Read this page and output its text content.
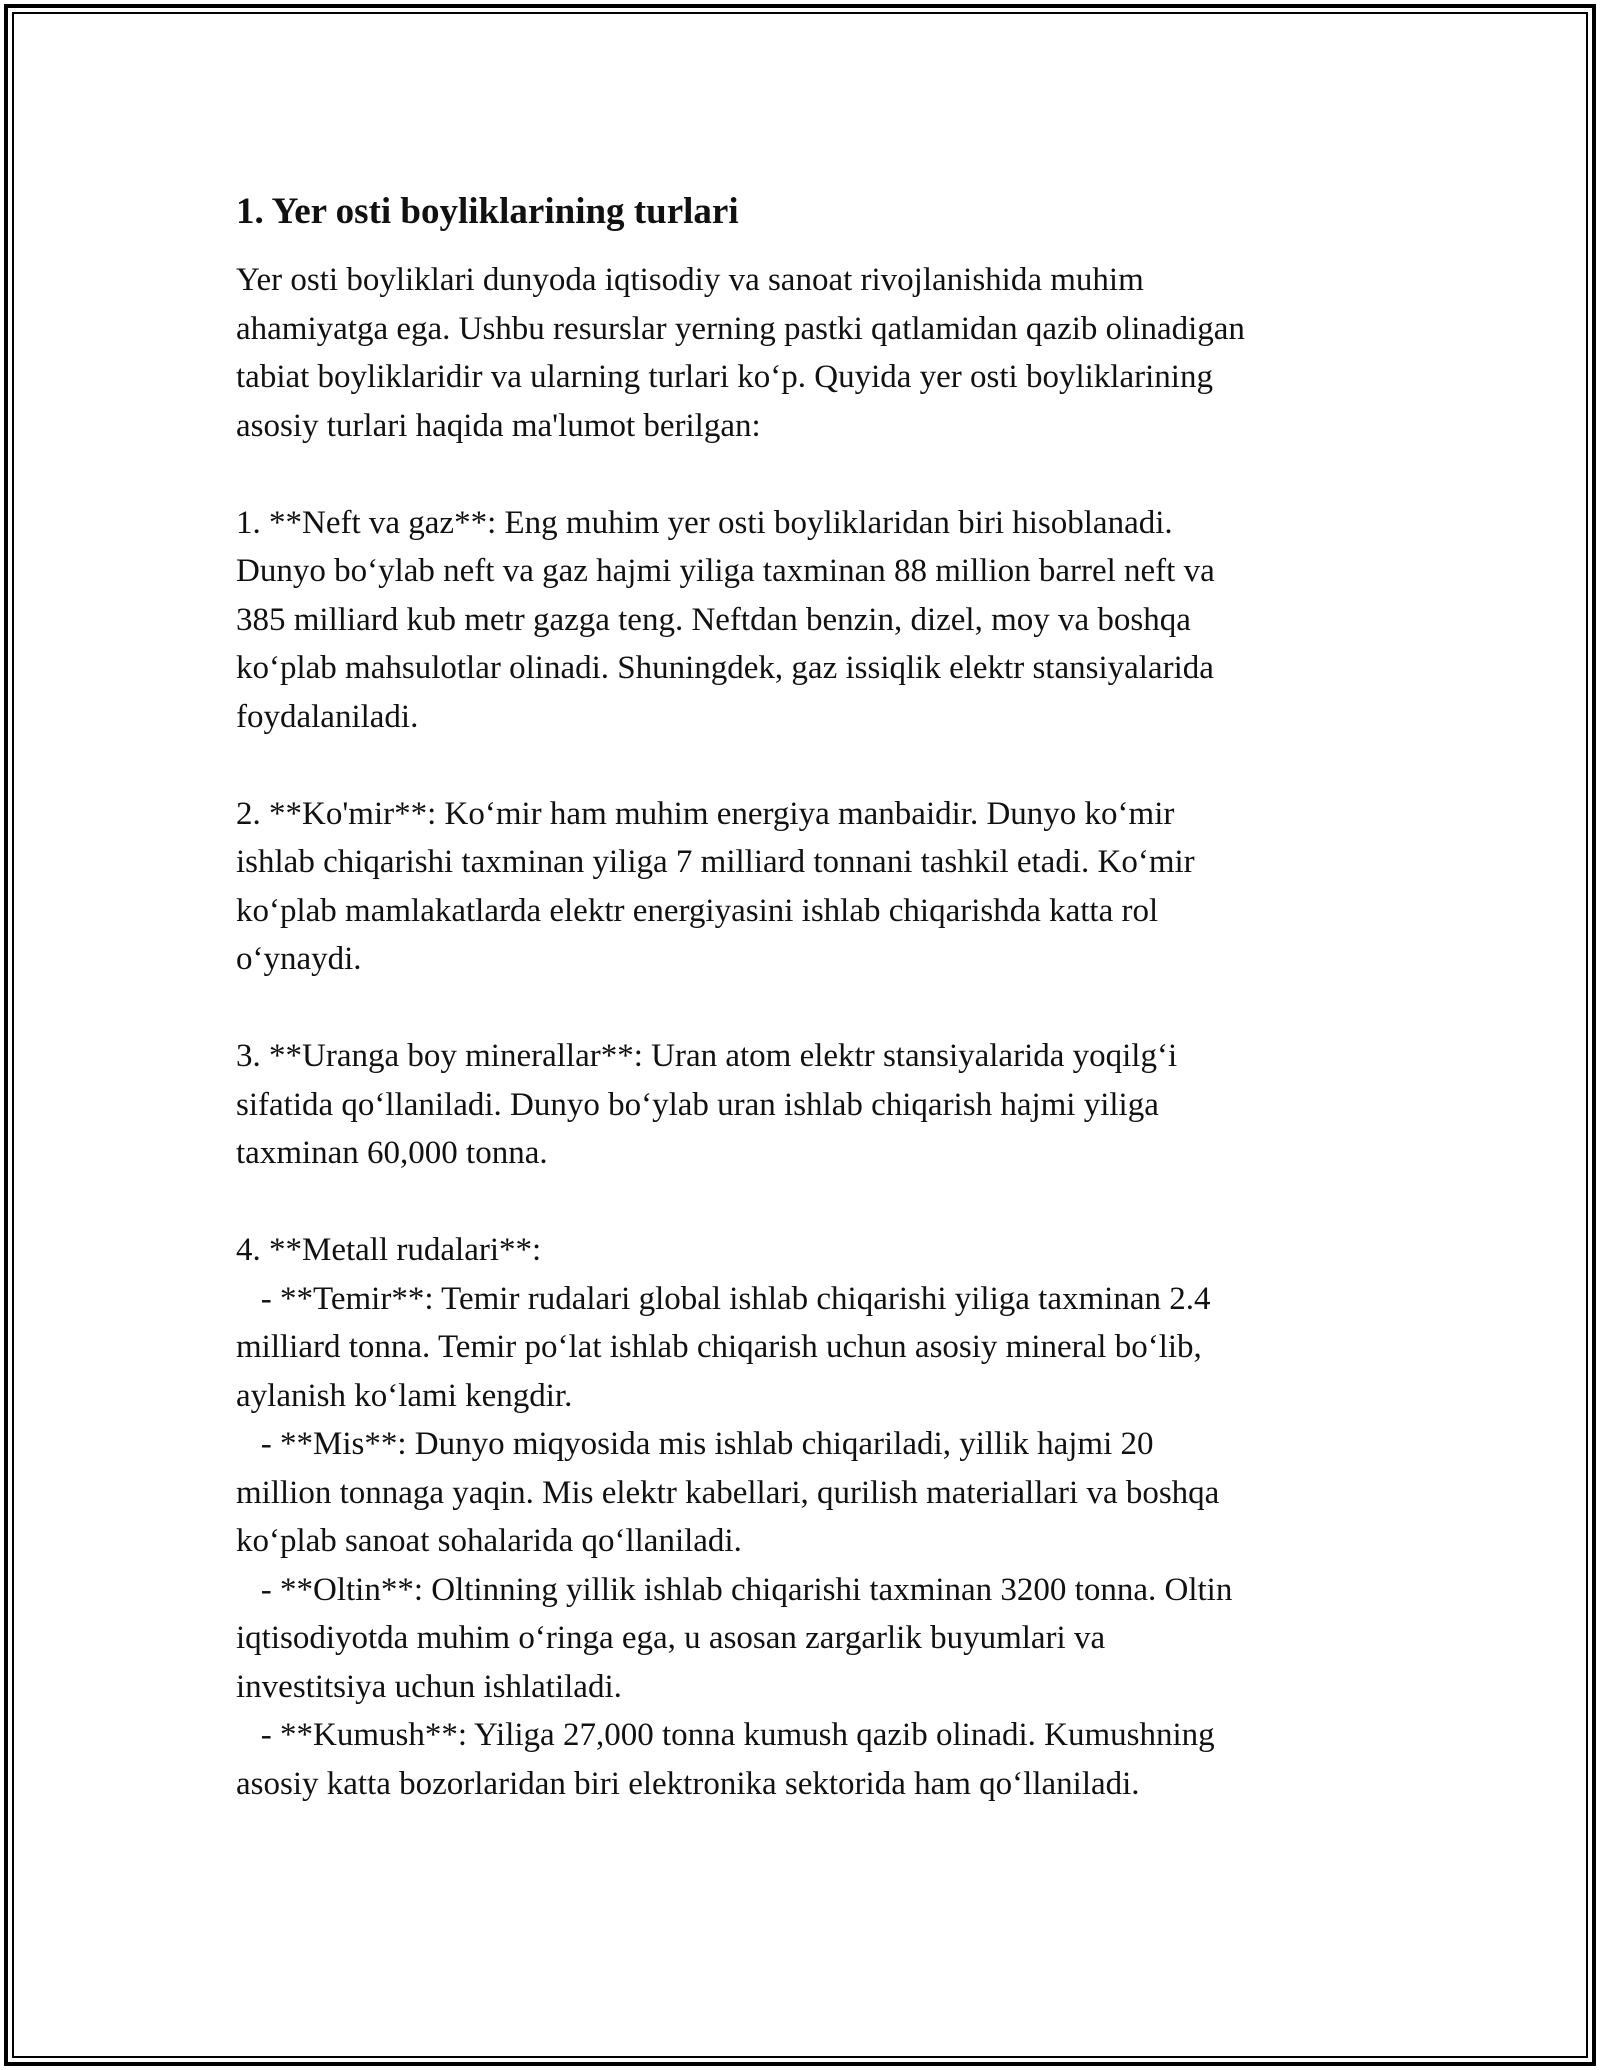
1. Yer osti boyliklarining turlari
Yer osti boyliklari dunyoda iqtisodiy va sanoat rivojlanishida muhim
ahamiyatga ega. Ushbu resurslar yerning pastki qatlamidan qazib olinadigan
tabiat boyliklaridir va ularning turlari ko‘p. Quyida yer osti boyliklarining
asosiy turlari haqida ma'lumot berilgan:
1. **Neft va gaz**: Eng muhim yer osti boyliklaridan biri hisoblanadi.
Dunyo bo‘ylab neft va gaz hajmi yiliga taxminan 88 million barrel neft va
385 milliard kub metr gazga teng. Neftdan benzin, dizel, moy va boshqa
ko‘plab mahsulotlar olinadi. Shuningdek, gaz issiqlik elektr stansiyalarida
foydalaniladi.
2. **Ko'mir**: Ko‘mir ham muhim energiya manbaidir. Dunyo ko‘mir
ishlab chiqarishi taxminan yiliga 7 milliard tonnani tashkil etadi. Ko‘mir
ko‘plab mamlakatlarda elektr energiyasini ishlab chiqarishda katta rol
o‘ynaydi.
3. **Uranga boy minerallar**: Uran atom elektr stansiyalarida yoqilg‘i
sifatida qo‘llaniladi. Dunyo bo‘ylab uran ishlab chiqarish hajmi yiliga
taxminan 60,000 tonna.
4. **Metall rudalari**:
- **Temir**: Temir rudalari global ishlab chiqarishi yiliga taxminan 2.4
milliard tonna. Temir po‘lat ishlab chiqarish uchun asosiy mineral bo‘lib,
aylanish ko‘lami kengdir.
- **Mis**: Dunyo miqyosida mis ishlab chiqariladi, yillik hajmi 20
million tonnaga yaqin. Mis elektr kabellari, qurilish materiallari va boshqa
ko‘plab sanoat sohalarida qo‘llaniladi.
- **Oltin**: Oltinning yillik ishlab chiqarishi taxminan 3200 tonna. Oltin
iqtisodiyotda muhim o‘ringa ega, u asosan zargarlik buyumlari va
investitsiya uchun ishlatiladi.
- **Kumush**: Yiliga 27,000 tonna kumush qazib olinadi. Kumushning
asosiy katta bozorlaridan biri elektronika sektorida ham qo‘llaniladi.
